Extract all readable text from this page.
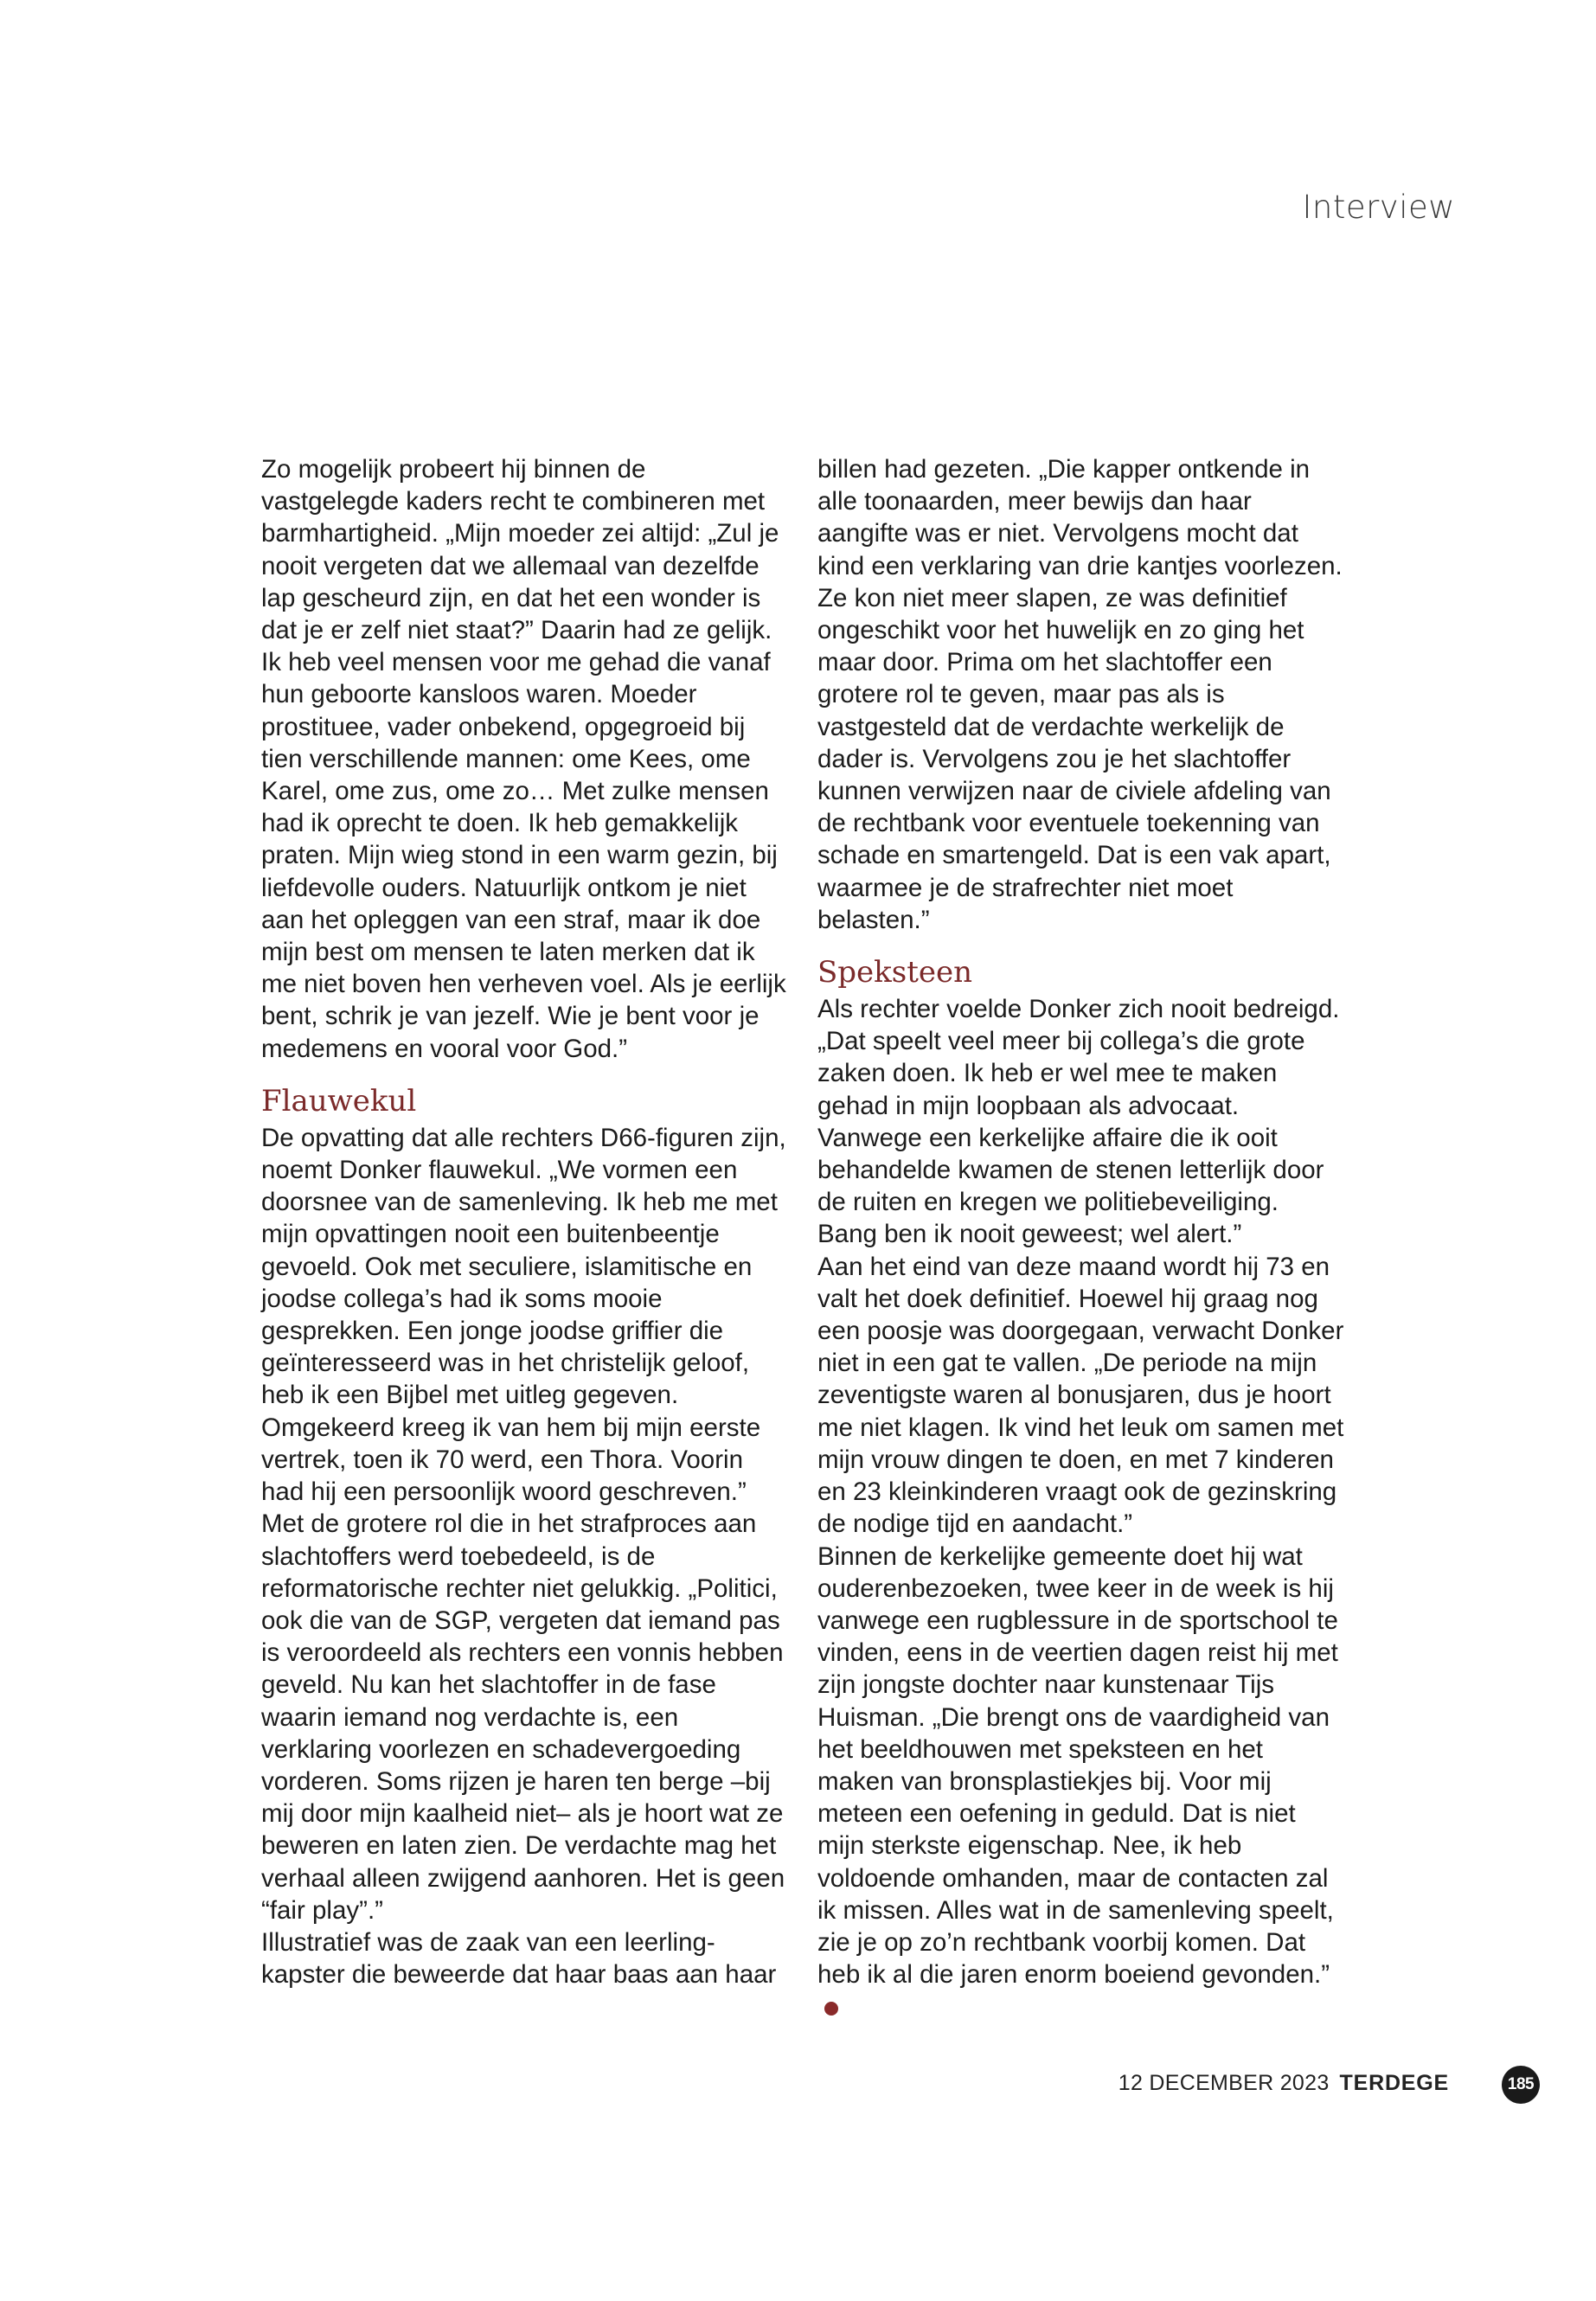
Interview

Zo mogelijk probeert hij binnen de vastgelegde kaders recht te combineren met barmhartigheid. „Mijn moeder zei altijd: „Zul je nooit vergeten dat we allemaal van dezelfde lap gescheurd zijn, en dat het een wonder is dat je er zelf niet staat?” Daarin had ze gelijk. Ik heb veel mensen voor me gehad die vanaf hun geboorte kansloos waren. Moeder prostituee, vader onbekend, opgegroeid bij tien verschillende mannen: ome Kees, ome Karel, ome zus, ome zo… Met zulke mensen had ik oprecht te doen. Ik heb gemakkelijk praten. Mijn wieg stond in een warm gezin, bij liefdevolle ouders. Natuurlijk ontkom je niet aan het opleggen van een straf, maar ik doe mijn best om mensen te laten merken dat ik me niet boven hen verheven voel. Als je eerlijk bent, schrik je van jezelf. Wie je bent voor je medemens en vooral voor God.”

Flauwekul

De opvatting dat alle rechters D66-figuren zijn, noemt Donker flauwekul. „We vormen een doorsnee van de samenleving. Ik heb me met mijn opvattingen nooit een buitenbeentje gevoeld. Ook met seculiere, islamitische en joodse collega’s had ik soms mooie gesprekken. Een jonge joodse griffier die geïnteresseerd was in het christelijk geloof, heb ik een Bijbel met uitleg gegeven. Omgekeerd kreeg ik van hem bij mijn eerste vertrek, toen ik 70 werd, een Thora. Voorin had hij een persoonlijk woord geschreven.”

Met de grotere rol die in het strafproces aan slachtoffers werd toebedeeld, is de reformatorische rechter niet gelukkig. „Politici, ook die van de SGP, vergeten dat iemand pas is veroordeeld als rechters een vonnis hebben geveld. Nu kan het slachtoffer in de fase waarin iemand nog verdachte is, een verklaring voorlezen en schadevergoeding vorderen. Soms rijzen je haren ten berge –bij mij door mijn kaalheid niet– als je hoort wat ze beweren en laten zien. De verdachte mag het verhaal alleen zwijgend aanhoren. Het is geen “fair play”.”

Illustratief was de zaak van een leerling-kapster die beweerde dat haar baas aan haar

billen had gezeten. „Die kapper ontkende in alle toonaarden, meer bewijs dan haar aangifte was er niet. Vervolgens mocht dat kind een verklaring van drie kantjes voorlezen. Ze kon niet meer slapen, ze was definitief ongeschikt voor het huwelijk en zo ging het maar door. Prima om het slachtoffer een grotere rol te geven, maar pas als is vastgesteld dat de verdachte werkelijk de dader is. Vervolgens zou je het slachtoffer kunnen verwijzen naar de civiele afdeling van de rechtbank voor eventuele toekenning van schade en smartengeld. Dat is een vak apart, waarmee je de strafrechter niet moet belasten.”

Speksteen

Als rechter voelde Donker zich nooit bedreigd. „Dat speelt veel meer bij collega’s die grote zaken doen. Ik heb er wel mee te maken gehad in mijn loopbaan als advocaat. Vanwege een kerkelijke affaire die ik ooit behandelde kwamen de stenen letterlijk door de ruiten en kregen we politiebeveiliging. Bang ben ik nooit geweest; wel alert.”

Aan het eind van deze maand wordt hij 73 en valt het doek definitief. Hoewel hij graag nog een poosje was doorgegaan, verwacht Donker niet in een gat te vallen. „De periode na mijn zeventigste waren al bonusjaren, dus je hoort me niet klagen. Ik vind het leuk om samen met mijn vrouw dingen te doen, en met 7 kinderen en 23 kleinkinderen vraagt ook de gezinskring de nodige tijd en aandacht.”

Binnen de kerkelijke gemeente doet hij wat ouderenbezoeken, twee keer in de week is hij vanwege een rugblessure in de sportschool te vinden, eens in de veertien dagen reist hij met zijn jongste dochter naar kunstenaar Tijs Huisman. „Die brengt ons de vaardigheid van het beeldhouwen met speksteen en het maken van bronsplastiekjes bij. Voor mij meteen een oefening in geduld. Dat is niet mijn sterkste eigenschap. Nee, ik heb voldoende omhanden, maar de contacten zal ik missen. Alles wat in de samenleving speelt, zie je op zo’n rechtbank voorbij komen. Dat heb ik al die jaren enorm boeiend gevonden.”

12 DECEMBER 2023 TERDEGE	185
